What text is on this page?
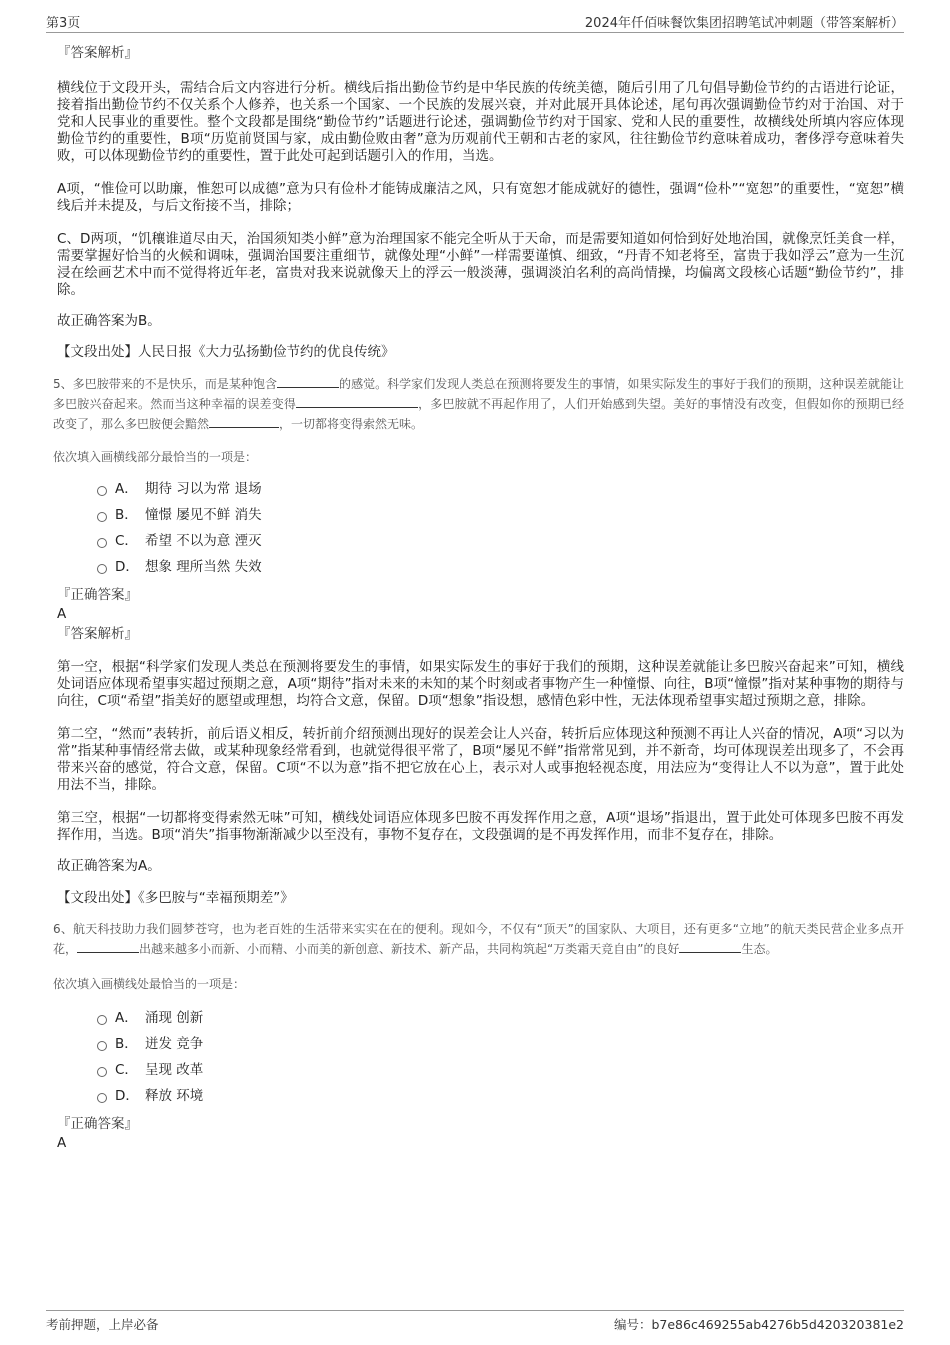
第3页	2024年仟佰味餐饮集团招聘笔试冲刺题（带答案解析）

『答案解析』

横线位于文段开头，需结合后文内容进行分析。横线后指出勤俭节约是中华民族的传统美德，随后引用了几句倡导勤俭节约的古语进行论证，接着指出勤俭节约不仅关系个人修养，也关系一个国家、一个民族的发展兴衰，并对此展开具体论述，尾句再次强调勤俭节约对于治国、对于党和人民事业的重要性。整个文段都是围绕“勤俭节约”话题进行论述，强调勤俭节约对于国家、党和人民的重要性，故横线处所填内容应体现勤俭节约的重要性，B项“历览前贤国与家，成由勤俭败由奢”意为历观前代王朝和古老的家风，往往勤俭节约意味着成功，奢侈浮夸意味着失败，可以体现勤俭节约的重要性，置于此处可起到话题引入的作用，当选。

A项，“惟俭可以助廉，惟恕可以成德”意为只有俭朴才能铸成廉洁之风，只有宽恕才能成就好的德性，强调“俭朴”“宽恕”的重要性，“宽恕”横线后并未提及，与后文衔接不当，排除；

C、D两项，“饥穰谁道尽由天，治国须知类小鲜”意为治理国家不能完全听从于天命，而是需要知道如何恰到好处地治国，就像烹饪美食一样，需要掌握好恰当的火候和调味，强调治国要注重细节，就像处理“小鲜”一样需要谨慎、细致，“丹青不知老将至，富贵于我如浮云”意为一生沉浸在绘画艺术中而不觉得将近年老，富贵对我来说就像天上的浮云一般淡薄，强调淡泊名利的高尚情操，均偏离文段核心话题“勤俭节约”，排除。

故正确答案为B。

【文段出处】人民日报《大力弘扬勤俭节约的优良传统》

5、多巴胺带来的不是快乐，而是某种饱含	的感觉。科学家们发现人类总在预测将要发生的事情，如果实际发生的事好于我们的预期，这种误差就能让多巴胺兴奋起来。然而当这种幸福的误差变得	，多巴胺就不再起作用了，人们开始感到失望。美好的事情没有改变，但假如你的预期已经改变了，那么多巴胺便会黯然	，一切都将变得索然无味。

依次填入画横线部分最恰当的一项是：

A． 期待 习以为常 退场
B． 憧憬 屡见不鲜 消失
C． 希望 不以为意 湮灭
D． 想象 理所当然 失效

『正确答案』

A

『答案解析』

第一空，根据“科学家们发现人类总在预测将要发生的事情，如果实际发生的事好于我们的预期，这种误差就能让多巴胺兴奋起来”可知，横线处词语应体现希望事实超过预期之意，A项“期待”指对未来的未知的某个时刻或者事物产生一种憧憬、向往，B项“憧憬”指对某种事物的期待与向往，C项“希望”指美好的愿望或理想，均符合文意，保留。D项“想象”指设想，感情色彩中性，无法体现希望事实超过预期之意，排除。

第二空，“然而”表转折，前后语义相反，转折前介绍预测出现好的误差会让人兴奋，转折后应体现这种预测不再让人兴奋的情况，A项“习以为常”指某种事情经常去做，或某种现象经常看到，也就觉得很平常了，B项“屡见不鲜”指常常见到，并不新奇，均可体现误差出现多了，不会再带来兴奋的感觉，符合文意，保留。C项“不以为意”指不把它放在心上，表示对人或事抱轻视态度，用法应为“变得让人不以为意”，置于此处用法不当，排除。

第三空，根据“一切都将变得索然无味”可知，横线处词语应体现多巴胺不再发挥作用之意，A项“退场”指退出，置于此处可体现多巴胺不再发挥作用，当选。B项“消失”指事物渐渐减少以至没有，事物不复存在，文段强调的是不再发挥作用，而非不复存在，排除。

故正确答案为A。

【文段出处】《多巴胺与“幸福预期差”》

6、航天科技助力我们圆梦苍穹，也为老百姓的生活带来实实在在的便利。现如今，不仅有“顶天”的国家队、大项目，还有更多“立地”的航天类民营企业多点开花，	出越来越多小而新、小而精、小而美的新创意、新技术、新产品，共同构筑起“万类霜天竞自由”的良好	生态。

依次填入画横线处最恰当的一项是：

A． 涌现 创新
B． 迸发 竞争
C． 呈现 改革
D． 释放 环境

『正确答案』

A

考前押题，上岸必备	编号：b7e86c469255ab4276b5d420320381e2
